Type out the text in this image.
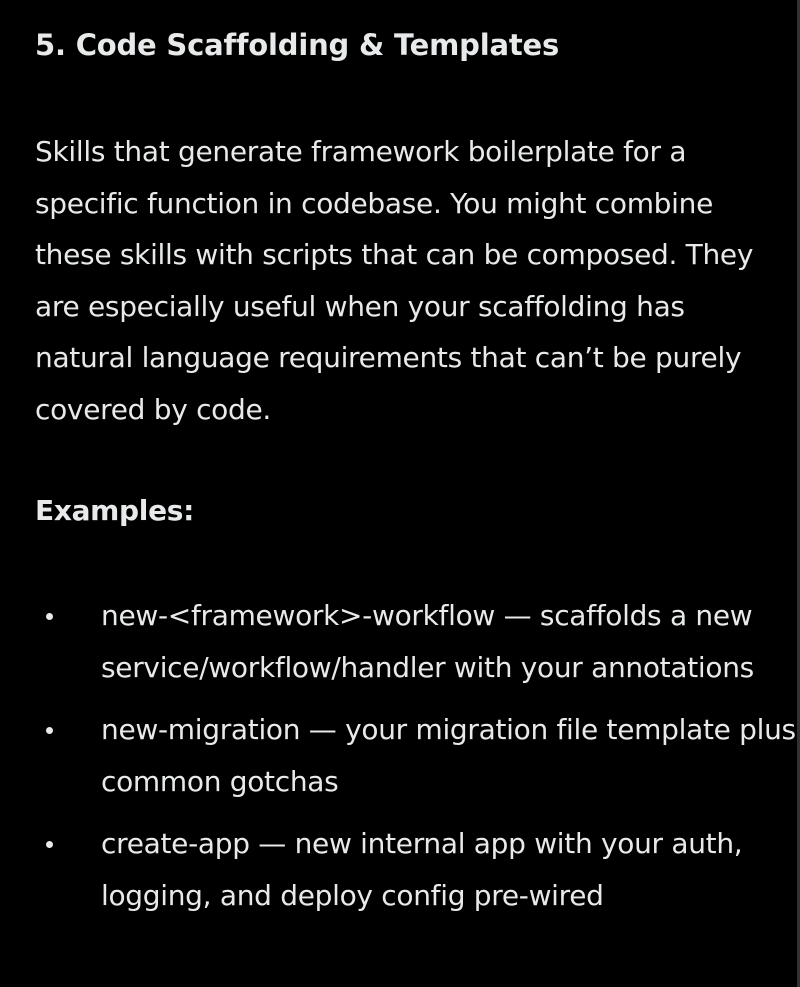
5. Code Scaffolding & Templates

Skills that generate framework boilerplate for a specific function in codebase. You might combine these skills with scripts that can be composed. They are especially useful when your scaffolding has natural language requirements that can’t be purely covered by code.

Examples:
new-<framework>-workflow — scaffolds a new service/workflow/handler with your annotations
new-migration — your migration file template plus common gotchas
create-app — new internal app with your auth, logging, and deploy config pre-wired
